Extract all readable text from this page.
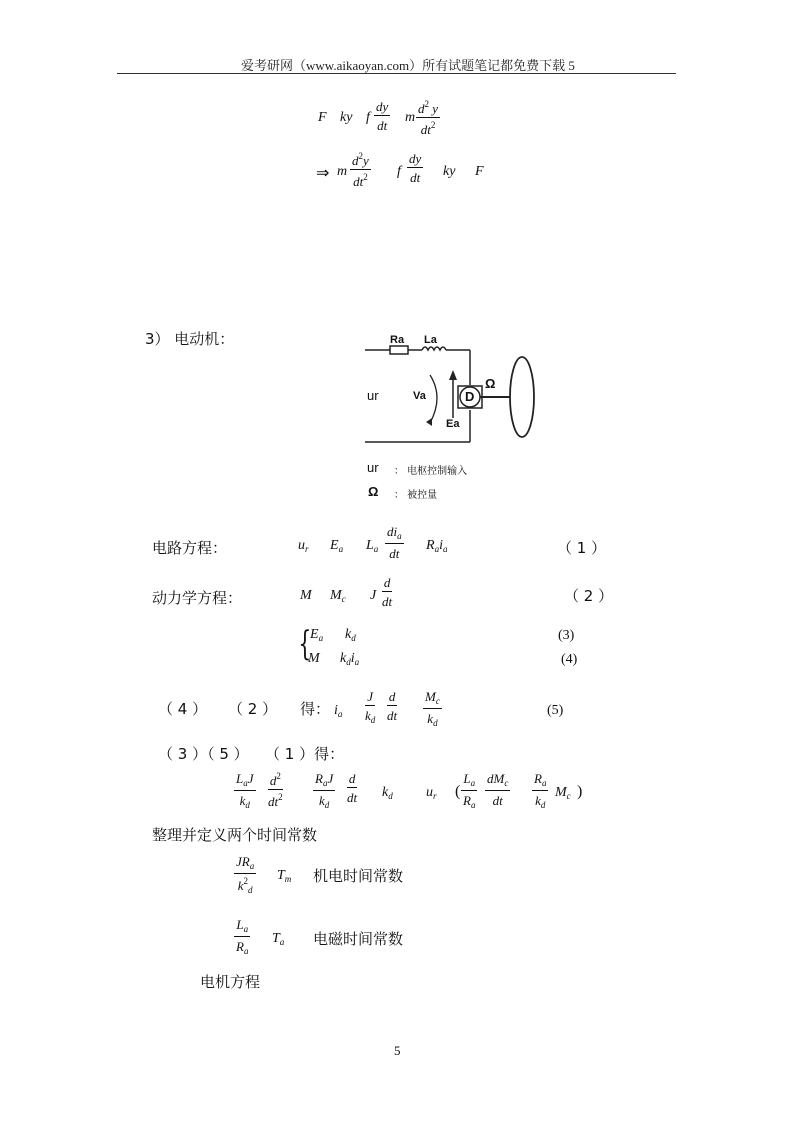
爱考研网（www.aikaoyan.com）所有试题笔记都免费下载 5
F ky f $\frac{dy}{dt}$ m $\frac{d^2 y}{dt^2}$
⇒ m $\frac{d^2y}{dt^2}$ f $\frac{dy}{dt}$ ky F
3） 电动机：	Ra La
ur	Va
Ea
D
Ω
ur ： 电枢控制输入
Ω ： 被控量
电路方程：	$u_r$ $E_a$ $L_a$
$di_a$
dt
$R_ai_a$	（ 1 ）
动力学方程：	M $M_c$ J $\frac{d}{dt}$	（ 2 ）
{
$E_a$ $k_d$	(3)
M $k_di_a$	(4)
（ 4 ） （ 2 ） 得： $i_a \frac{J}{k_d} \frac{d}{dt} \frac{M_c}{k_d}$	(5)
（ 3 ）（ 5 ） （ 1 ）得：
$L_aJ$
$k_d \frac{d^2}{dt^2} R_aJ$
$k_d$
$\frac{d}{dt} k_d$ $u_r$ ( $\frac{L_a}{R_a} dM_c$
dt $\frac{R_a}{k_d} M_c$ )
整理并定义两个时间常数
$JR_a$
$k^2_d$
$T_m$ 机电时间常数
$\frac{L_a}{R_a} T_a$ 电磁时间常数
电机方程
5
